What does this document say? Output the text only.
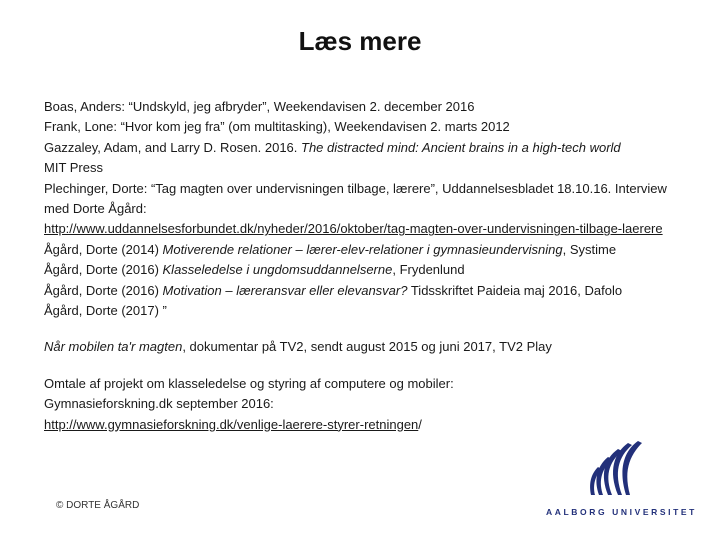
Læs mere

Boas, Anders: “Undskyld, jeg afbryder”, Weekendavisen 2. december 2016

Frank, Lone: “Hvor kom jeg fra” (om multitasking), Weekendavisen 2. marts 2012

Gazzaley, Adam, and Larry D. Rosen. 2016. The distracted mind: Ancient brains in a high-tech world

MIT Press

Plechinger, Dorte: “Tag magten over undervisningen tilbage, lærere”, Uddannelsesbladet 18.10.16. Interview med Dorte Ågård:

http://www.uddannelsesforbundet.dk/nyheder/2016/oktober/tag-magten-over-undervisningen-tilbage-laerere

Ågård, Dorte (2014) Motiverende relationer – lærer-elev-relationer i gymnasieundervisning, Systime

Ågård, Dorte (2016) Klasseledelse i ungdomsuddannelserne, Frydenlund

Ågård, Dorte (2016) Motivation – læreransvar eller elevansvar? Tidsskriftet Paideia maj 2016, Dafolo

Ågård, Dorte (2017) ”

Når mobilen ta'r magten, dokumentar på TV2, sendt august 2015 og juni 2017, TV2 Play

Omtale af projekt om klasseledelse og styring af computere og mobiler:

Gymnasieforskning.dk september 2016:

http://www.gymnasieforskning.dk/venlige-laerere-styrer-retningen/

© DORTE ÅGÅRD
AALBORG UNIVERSITET
